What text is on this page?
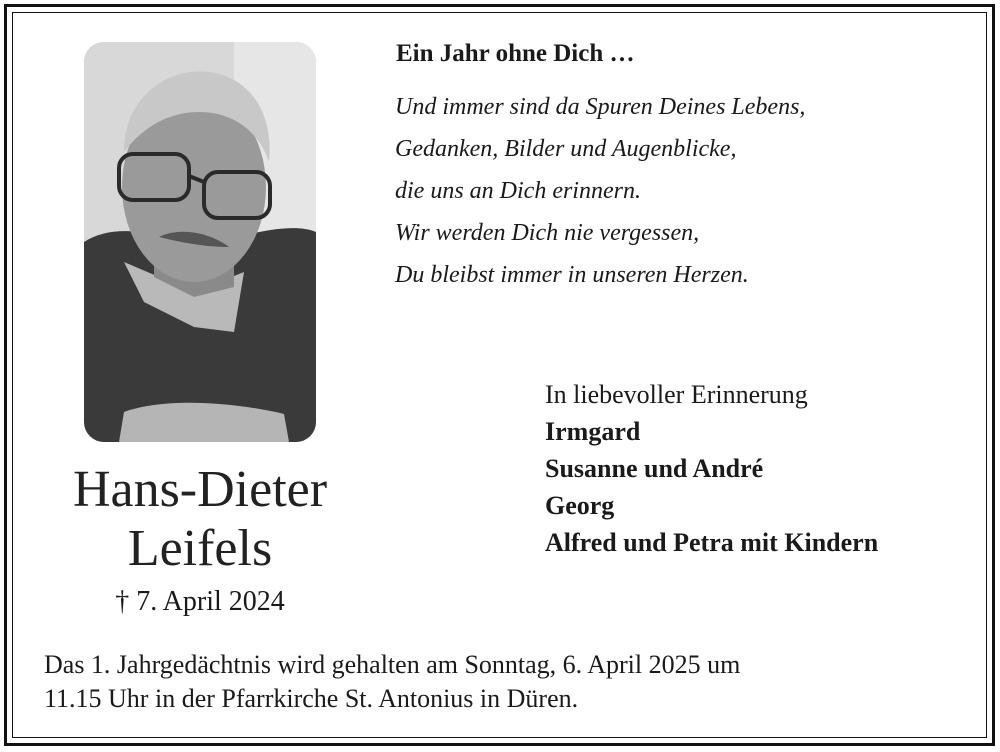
Hans-Dieter
Leifels
† 7. April 2024
Ein Jahr ohne Dich …
Und immer sind da Spuren Deines Lebens,
Gedanken, Bilder und Augenblicke,
die uns an Dich erinnern.
Wir werden Dich nie vergessen,
Du bleibst immer in unseren Herzen.
In liebevoller Erinnerung
Irmgard
Susanne und André
Georg
Alfred und Petra mit Kindern
Das 1. Jahrgedächtnis wird gehalten am Sonntag, 6. April 2025 um
11.15 Uhr in der Pfarrkirche St. Antonius in Düren.
